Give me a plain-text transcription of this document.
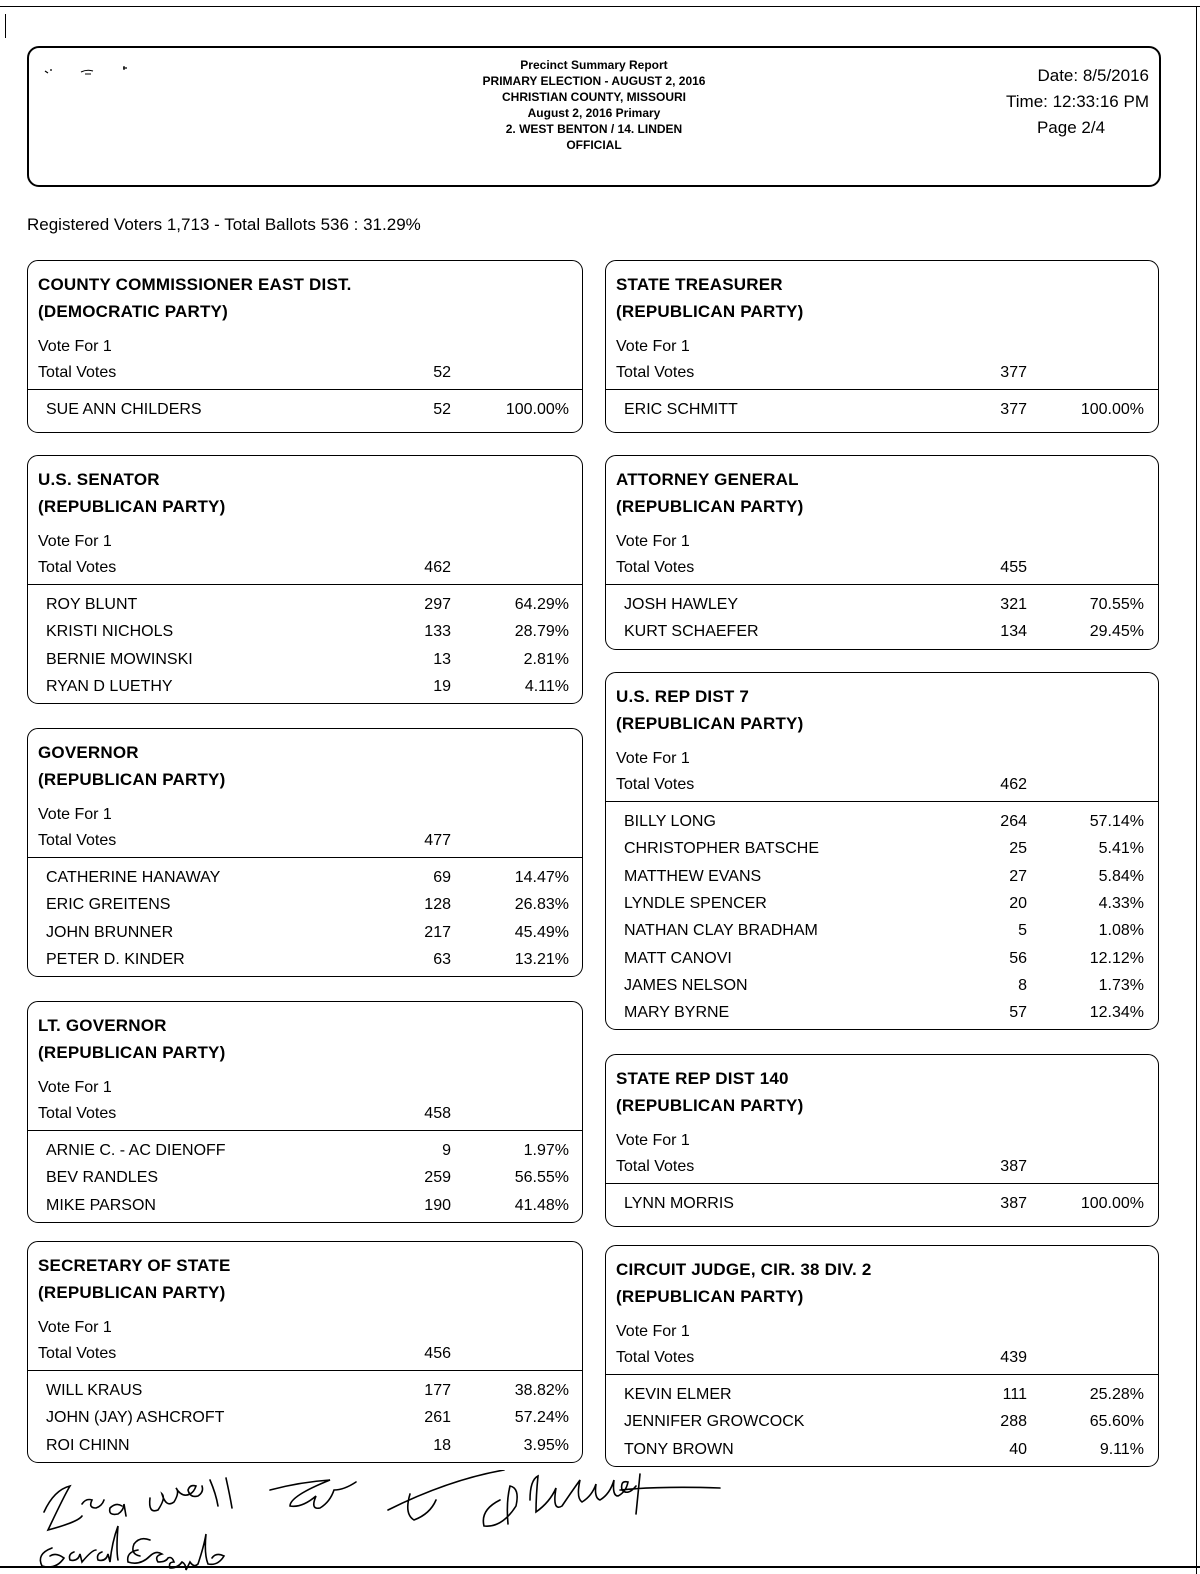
Precinct Summary Report
PRIMARY ELECTION - AUGUST 2, 2016
CHRISTIAN COUNTY, MISSOURI
August 2, 2016 Primary
2. WEST BENTON / 14. LINDEN
OFFICIAL
Date: 8/5/2016
Time: 12:33:16 PM
Page 2/4
Registered Voters 1,713 - Total Ballots 536 : 31.29%
COUNTY COMMISSIONER EAST DIST.
(DEMOCRATIC PARTY)
Vote For 1
Total Votes	52
SUE ANN CHILDERS	52	100.00%
U.S. SENATOR
(REPUBLICAN PARTY)
Vote For 1
Total Votes	462
ROY BLUNT	297	64.29%
KRISTI NICHOLS	133	28.79%
BERNIE MOWINSKI	13	2.81%
RYAN D LUETHY	19	4.11%
GOVERNOR
(REPUBLICAN PARTY)
Vote For 1
Total Votes	477
CATHERINE HANAWAY	69	14.47%
ERIC GREITENS	128	26.83%
JOHN BRUNNER	217	45.49%
PETER D. KINDER	63	13.21%
LT. GOVERNOR
(REPUBLICAN PARTY)
Vote For 1
Total Votes	458
ARNIE C. - AC DIENOFF	9	1.97%
BEV RANDLES	259	56.55%
MIKE PARSON	190	41.48%
SECRETARY OF STATE
(REPUBLICAN PARTY)
Vote For 1
Total Votes	456
WILL KRAUS	177	38.82%
JOHN (JAY) ASHCROFT	261	57.24%
ROI CHINN	18	3.95%
STATE TREASURER
(REPUBLICAN PARTY)
Vote For 1
Total Votes	377
ERIC SCHMITT	377	100.00%
ATTORNEY GENERAL
(REPUBLICAN PARTY)
Vote For 1
Total Votes	455
JOSH HAWLEY	321	70.55%
KURT SCHAEFER	134	29.45%
U.S. REP DIST 7
(REPUBLICAN PARTY)
Vote For 1
Total Votes	462
BILLY LONG	264	57.14%
CHRISTOPHER BATSCHE	25	5.41%
MATTHEW EVANS	27	5.84%
LYNDLE SPENCER	20	4.33%
NATHAN CLAY BRADHAM	5	1.08%
MATT CANOVI	56	12.12%
JAMES NELSON	8	1.73%
MARY BYRNE	57	12.34%
STATE REP DIST 140
(REPUBLICAN PARTY)
Vote For 1
Total Votes	387
LYNN MORRIS	387	100.00%
CIRCUIT JUDGE, CIR. 38 DIV. 2
(REPUBLICAN PARTY)
Vote For 1
Total Votes	439
KEVIN ELMER	111	25.28%
JENNIFER GROWCOCK	288	65.60%
TONY BROWN	40	9.11%
